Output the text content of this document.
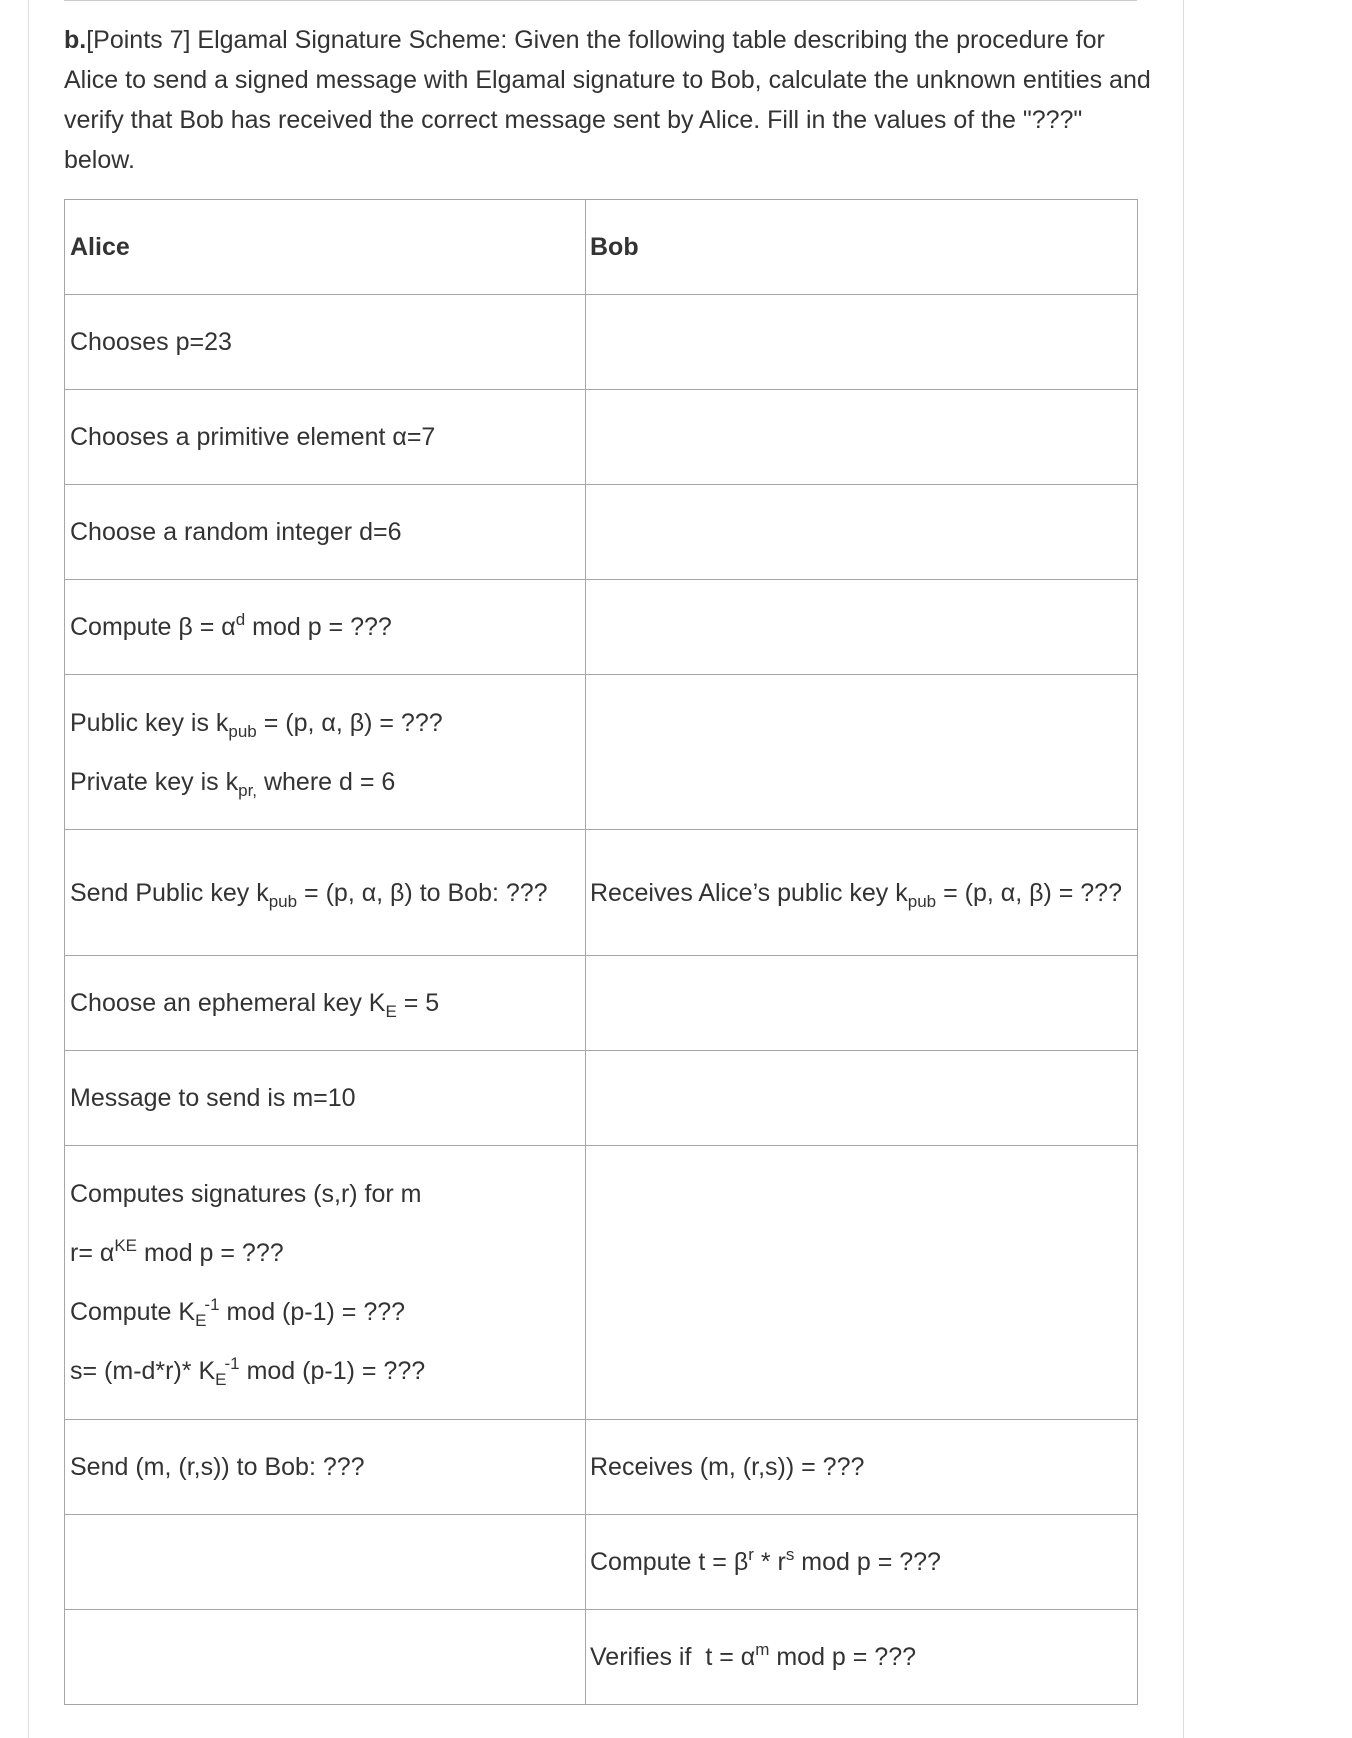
b.[Points 7] Elgamal Signature Scheme: Given the following table describing the procedure for Alice to send a signed message with Elgamal signature to Bob, calculate the unknown entities and verify that Bob has received the correct message sent by Alice. Fill in the values of the "???" below.
Alice	Bob
Chooses p=23	
Chooses a primitive element α=7	
Choose a random integer d=6	
Compute $\beta = \alpha^d$ mod p = ???	

Public key is $k_{pub} = (p$, α, β) = ???
Private key is $k_{pr,}$ where d = 6	

Send Public key $k_{pub} = (p$, α, β) to Bob: ???	Receives Alice’s public key $k_{pub} = (p$, α, β) = ???
Choose an ephemeral key $K_E = 5$	
Message to send is m=10	

Computes signatures (s,r) for m
$r= \alpha^{KE}$ mod p = ???
Compute $K_E^{-1}$ mod (p-1) = ???
s= (m-d*r)* $K_E^{-1}$ mod (p-1) = ???	

Send (m, (r,s)) to Bob: ???	Receives (m, (r,s)) = ???
	Compute $t = \beta^r * r^s$ mod p = ???
	Verifies if  $t = \alpha^m$ mod p = ???
